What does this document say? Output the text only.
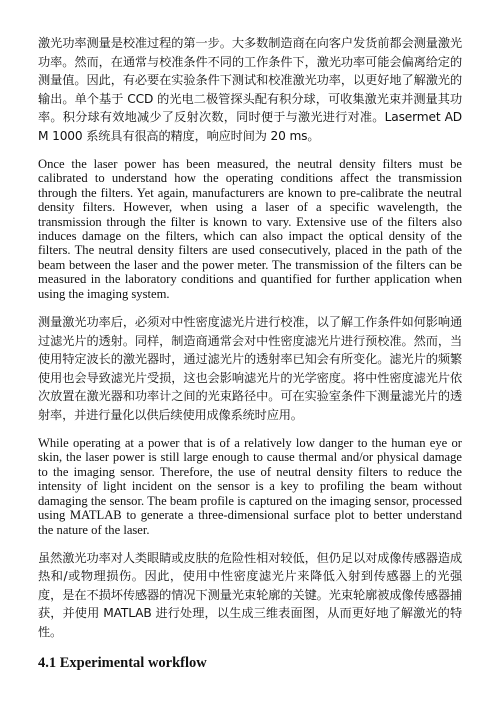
激光功率测量是校准过程的第一步。大多数制造商在向客户发货前都会测量激光功率。然而，在通常与校准条件不同的工作条件下，激光功率可能会偏离给定的测量值。因此，有必要在实验条件下测试和校准激光功率，以更好地了解激光的输出。单个基于 CCD 的光电二极管探头配有积分球，可收集激光束并测量其功率。积分球有效地减少了反射次数，同时便于与激光进行对准。Lasermet ADM 1000 系统具有很高的精度，响应时间为 20 ms。

Once the laser power has been measured, the neutral density filters must be calibrated to understand how the operating conditions affect the transmission through the filters. Yet again, manufacturers are known to pre-calibrate the neutral density filters. However, when using a laser of a specific wavelength, the transmission through the filter is known to vary. Extensive use of the filters also induces damage on the filters, which can also impact the optical density of the filters. The neutral density filters are used consecutively, placed in the path of the beam between the laser and the power meter. The transmission of the filters can be measured in the laboratory conditions and quantified for further application when using the imaging system.

测量激光功率后，必须对中性密度滤光片进行校准，以了解工作条件如何影响通过滤光片的透射。同样，制造商通常会对中性密度滤光片进行预校准。然而，当使用特定波长的激光器时，通过滤光片的透射率已知会有所变化。滤光片的频繁使用也会导致滤光片受损，这也会影响滤光片的光学密度。将中性密度滤光片依次放置在激光器和功率计之间的光束路径中。可在实验室条件下测量滤光片的透射率，并进行量化以供后续使用成像系统时应用。

While operating at a power that is of a relatively low danger to the human eye or skin, the laser power is still large enough to cause thermal and/or physical damage to the imaging sensor. Therefore, the use of neutral density filters to reduce the intensity of light incident on the sensor is a key to profiling the beam without damaging the sensor. The beam profile is captured on the imaging sensor, processed using MATLAB to generate a three-dimensional surface plot to better understand the nature of the laser.

虽然激光功率对人类眼睛或皮肤的危险性相对较低，但仍足以对成像传感器造成热和/或物理损伤。因此，使用中性密度滤光片来降低入射到传感器上的光强度，是在不损坏传感器的情况下测量光束轮廓的关键。光束轮廓被成像传感器捕获，并使用 MATLAB 进行处理，以生成三维表面图，从而更好地了解激光的特性。

4.1 Experimental workflow
